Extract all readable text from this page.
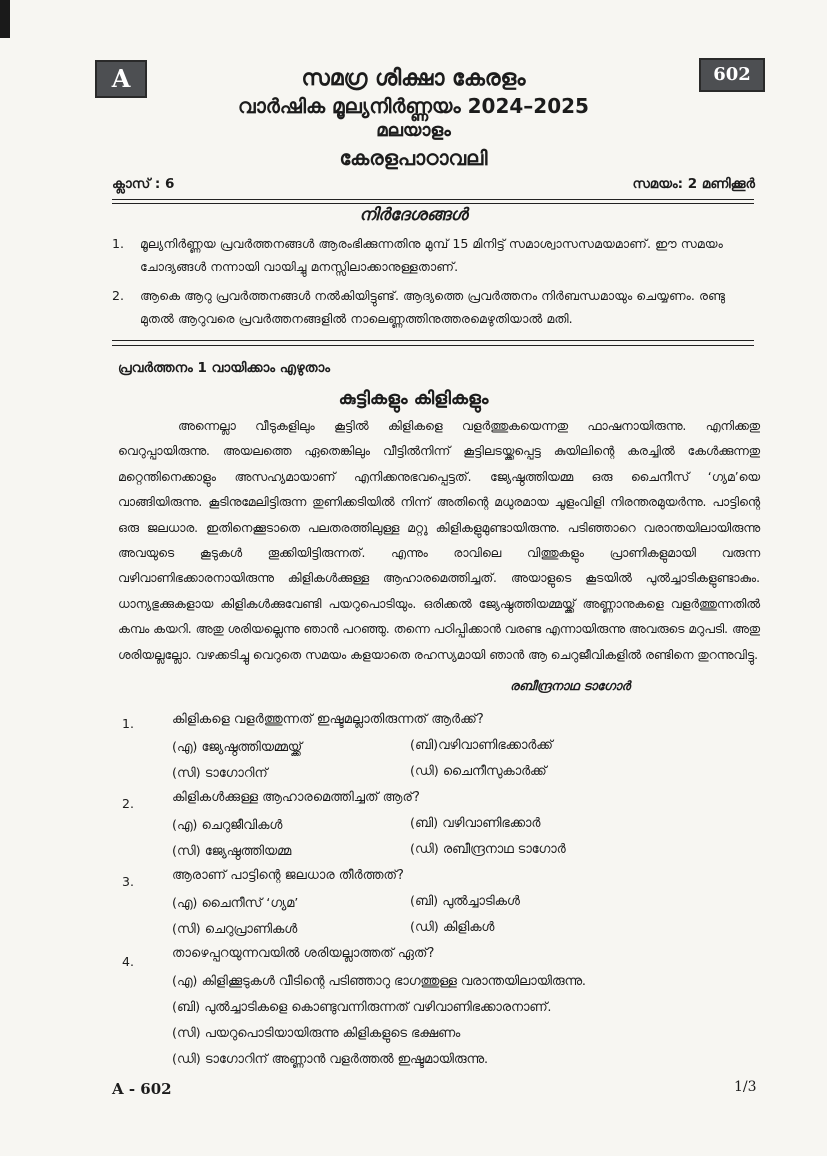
A	602
സമഗ്ര ശിക്ഷാ കേരളം
വാർഷിക മൂല്യനിർണ്ണയം 2024–2025
മലയാളം
കേരളപാഠാവലി
ക്ലാസ് : 6	സമയം: 2 മണിക്കൂർ
നിർദേശങ്ങൾ
1. മൂല്യനിർണ്ണയ പ്രവർത്തനങ്ങൾ ആരംഭിക്കുന്നതിനു മുമ്പ് 15 മിനിട്ട് സമാശ്വാസസമയമാണ്. ഈ സമയം ചോദ്യങ്ങൾ നന്നായി വായിച്ചു മനസ്സിലാക്കാനുള്ളതാണ്.
2. ആകെ ആറു പ്രവർത്തനങ്ങൾ നൽകിയിട്ടുണ്ട്. ആദ്യത്തെ പ്രവർത്തനം നിർബന്ധമായും ചെയ്യണം. രണ്ടു മുതൽ ആറുവരെ പ്രവർത്തനങ്ങളിൽ നാലെണ്ണത്തിനുത്തരമെഴുതിയാൽ മതി.
പ്രവർത്തനം 1 വായിക്കാം എഴുതാം
കുട്ടികളും കിളികളും
അന്നെല്ലാ വീടുകളിലും കൂട്ടിൽ കിളികളെ വളർത്തുകയെന്നതു ഫാഷനായിരുന്നു. എനിക്കതു വെറുപ്പായിരുന്നു. അയലത്തെ ഏതെങ്കിലും വീട്ടിൽനിന്ന് കൂട്ടിലടയ്ക്കപ്പെട്ട കുയിലിന്റെ കരച്ചിൽ കേൾക്കുന്നതു മറ്റെന്തിനെക്കാളും അസഹ്യമായാണ് എനിക്കനുഭവപ്പെട്ടത്. ജ്യേഷ്ഠത്തിയമ്മ ഒരു ചൈനീസ് ‘ഗ്യമ’യെ വാങ്ങിയിരുന്നു. കൂടിനുമേലിട്ടിരുന്ന തുണിക്കടിയിൽ നിന്ന് അതിന്റെ മധുരമായ ചൂളംവിളി നിരന്തരമുയർന്നു. പാട്ടിന്റെ ഒരു ജലധാര. ഇതിനെക്കൂടാതെ പലതരത്തിലുള്ള മറ്റു കിളികളുമുണ്ടായിരുന്നു. പടിഞ്ഞാറെ വരാന്തയിലായിരുന്നു അവയുടെ കൂടുകൾ തൂക്കിയിട്ടിരുന്നത്. എന്നും രാവിലെ വിത്തുകളും പ്രാണികളുമായി വരുന്ന വഴിവാണിഭക്കാരനായിരുന്നു കിളികൾക്കുള്ള ആഹാരമെത്തിച്ചത്. അയാളുടെ കൂടയിൽ പുൽച്ചാടികളുണ്ടാകും. ധാന്യഭുക്കുകളായ കിളികൾക്കുവേണ്ടി പയറുപൊടിയും. ഒരിക്കൽ ജ്യേഷ്ഠത്തിയമ്മയ്ക്ക് അണ്ണാനുകളെ വളർത്തുന്നതിൽ കമ്പം കയറി. അതു ശരിയല്ലെന്നു ഞാൻ പറഞ്ഞു. തന്നെ പഠിപ്പിക്കാൻ വരണ്ട എന്നായിരുന്നു അവരുടെ മറുപടി. അതു ശരിയല്ലല്ലോ. വഴക്കടിച്ചു വെറുതെ സമയം കളയാതെ രഹസ്യമായി ഞാൻ ആ ചെറുജീവികളിൽ രണ്ടിനെ തുറന്നുവിട്ടു.
രബീന്ദ്രനാഥ ടാഗോർ
1.	കിളികളെ വളർത്തുന്നത് ഇഷ്ടമല്ലാതിരുന്നത് ആർക്ക്?
(എ) ജ്യേഷ്ഠത്തിയമ്മയ്ക്ക്	(ബി)വഴിവാണിഭക്കാർക്ക്
(സി) ടാഗോറിന്	(ഡി) ചൈനീസുകാർക്ക്
2.	കിളികൾക്കുള്ള ആഹാരമെത്തിച്ചത് ആര്?
(എ) ചെറുജീവികൾ	(ബി) വഴിവാണിഭക്കാർ
(സി) ജ്യേഷ്ഠത്തിയമ്മ	(ഡി) രബീന്ദ്രനാഥ ടാഗോർ
3.	ആരാണ് പാട്ടിന്റെ ജലധാര തീർത്തത്?
(എ) ചൈനീസ് ‘ഗ്യമ’	(ബി) പുൽച്ചാടികൾ
(സി) ചെറുപ്രാണികൾ	(ഡി) കിളികൾ
4.
താഴെപ്പറയുന്നവയിൽ ശരിയല്ലാത്തത് ഏത്?
(എ) കിളിക്കൂടുകൾ വീടിന്റെ പടിഞ്ഞാറു ഭാഗത്തുള്ള വരാന്തയിലായിരുന്നു.
(ബി) പുൽച്ചാടികളെ കൊണ്ടുവന്നിരുന്നത് വഴിവാണിഭക്കാരനാണ്.
(സി) പയറുപൊടിയായിരുന്നു കിളികളുടെ ഭക്ഷണം
(ഡി) ടാഗോറിന് അണ്ണാൻ വളർത്തൽ ഇഷ്ടമായിരുന്നു.
A - 602	1/3
